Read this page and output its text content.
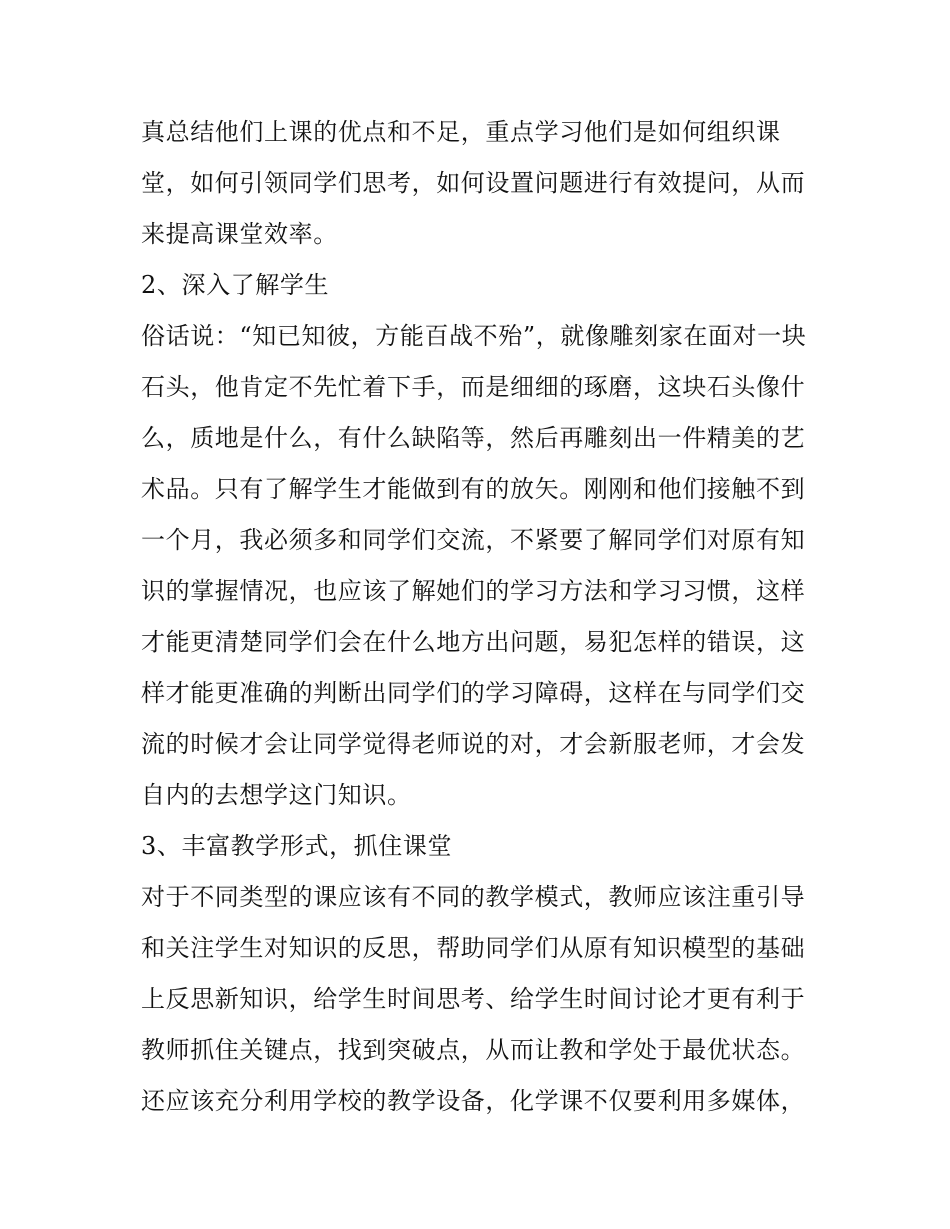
真总结他们上课的优点和不足，重点学习他们是如何组织课
堂，如何引领同学们思考，如何设置问题进行有效提问，从而
来提高课堂效率。
2、深入了解学生
俗话说：“知已知彼，方能百战不殆”，就像雕刻家在面对一块
石头，他肯定不先忙着下手，而是细细的琢磨，这块石头像什
么，质地是什么，有什么缺陷等，然后再雕刻出一件精美的艺
术品。只有了解学生才能做到有的放矢。刚刚和他们接触不到
一个月，我必须多和同学们交流，不紧要了解同学们对原有知
识的掌握情况，也应该了解她们的学习方法和学习习惯，这样
才能更清楚同学们会在什么地方出问题，易犯怎样的错误，这
样才能更准确的判断出同学们的学习障碍，这样在与同学们交
流的时候才会让同学觉得老师说的对，才会新服老师，才会发
自内的去想学这门知识。
3、丰富教学形式，抓住课堂
对于不同类型的课应该有不同的教学模式，教师应该注重引导
和关注学生对知识的反思，帮助同学们从原有知识模型的基础
上反思新知识，给学生时间思考、给学生时间讨论才更有利于
教师抓住关键点，找到突破点，从而让教和学处于最优状态。
还应该充分利用学校的教学设备，化学课不仅要利用多媒体，
